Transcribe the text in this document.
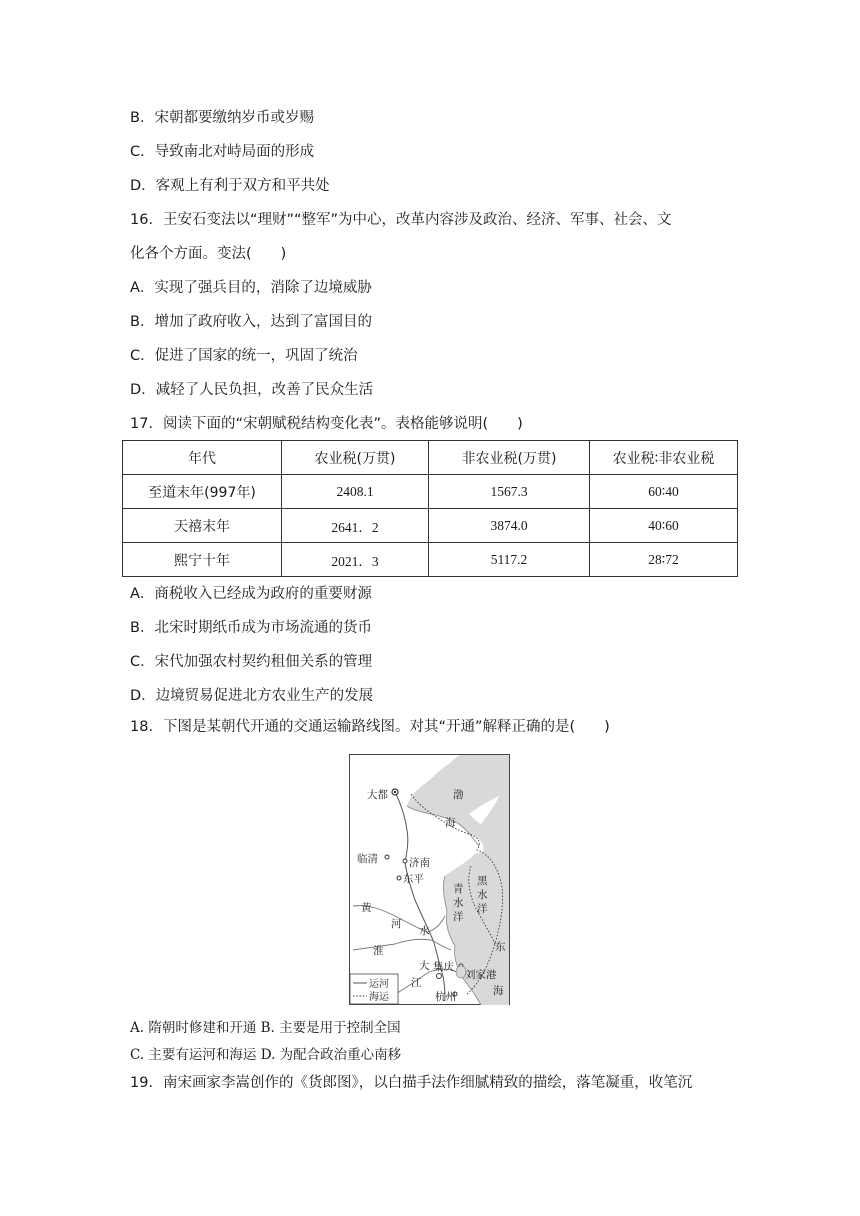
B．宋朝都要缴纳岁币或岁赐
C．导致南北对峙局面的形成
D．客观上有利于双方和平共处
16．王安石变法以“理财”“整军”为中心，改革内容涉及政治、经济、军事、社会、文
化各个方面。变法(　　)
A．实现了强兵目的，消除了边境威胁
B．增加了政府收入，达到了富国目的
C．促进了国家的统一，巩固了统治
D．减轻了人民负担，改善了民众生活
17．阅读下面的“宋朝赋税结构变化表”。表格能够说明(　　)
年代	农业税(万贯)	非农业税(万贯)	农业税∶非农业税
至道末年(997年)	2408.1	1567.3	60∶40
天禧末年	2641．2	3874.0	40∶60
熙宁十年	2021．3	5117.2	28∶72
A．商税收入已经成为政府的重要财源
B．北宋时期纸币成为市场流通的货币
C．宋代加强农村契约租佃关系的管理
D．边境贸易促进北方农业生产的发展
18．下图是某朝代开通的交通运输路线图。对其“开通”解释正确的是(　　)
渤
海
大都
临清	济南
东平
青
水
洋
黑
水
洋
黄
河
淮
水
东
大
江
集庆
刘家港
海
杭州
运河
海运
A. 隋朝时修建和开通 B. 主要是用于控制全国
C. 主要有运河和海运 D. 为配合政治重心南移
19．南宋画家李嵩创作的《货郎图》，以白描手法作细腻精致的描绘，落笔凝重，收笔沉
